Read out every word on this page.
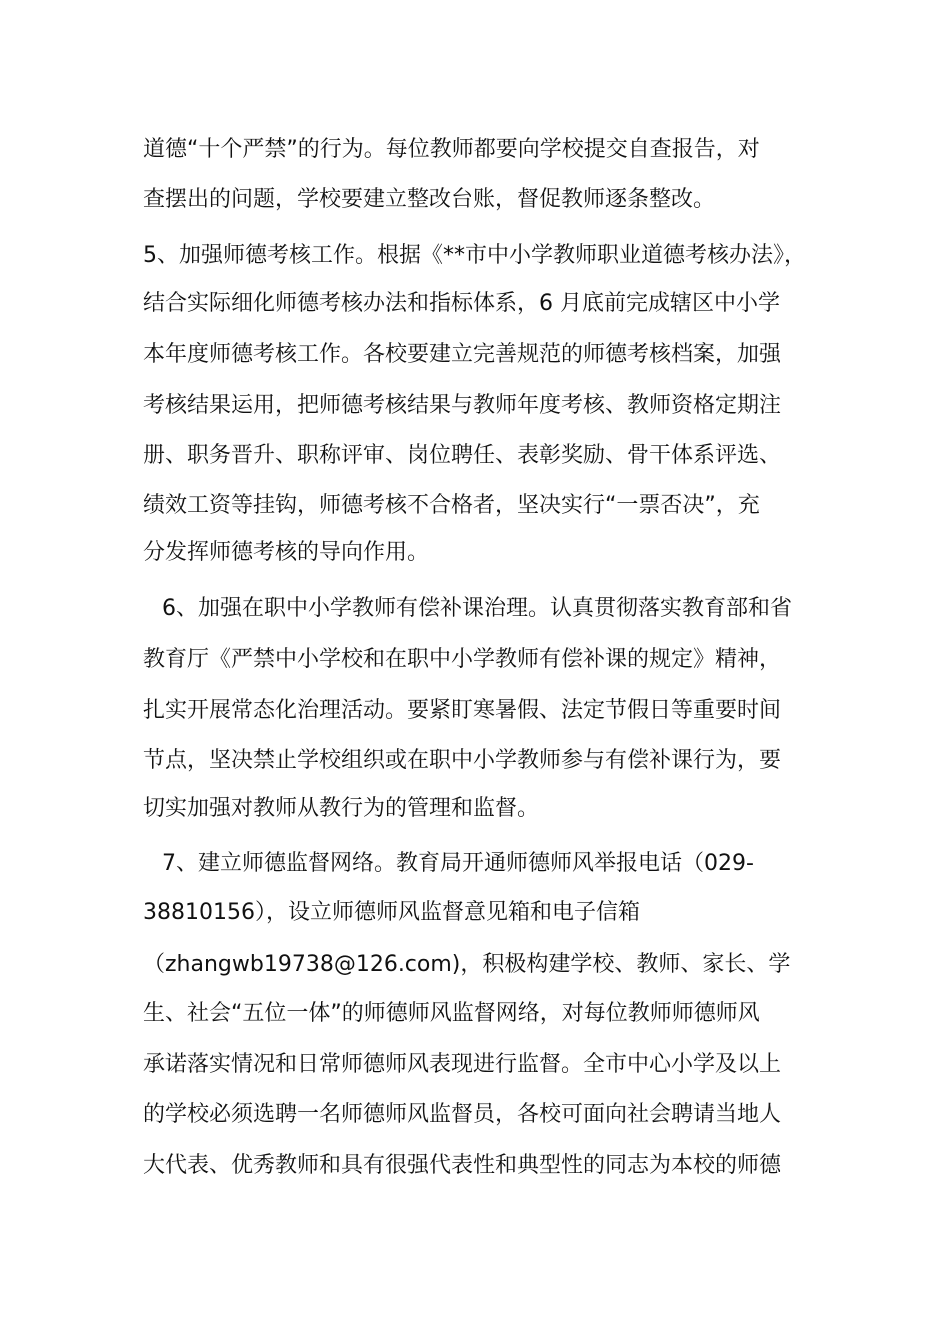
道德“十个严禁”的行为。每位教师都要向学校提交自查报告，对
查摆出的问题，学校要建立整改台账，督促教师逐条整改。
5、加强师德考核工作。根据《**市中小学教师职业道德考核办法》，
结合实际细化师德考核办法和指标体系，6 月底前完成辖区中小学
本年度师德考核工作。各校要建立完善规范的师德考核档案，加强
考核结果运用，把师德考核结果与教师年度考核、教师资格定期注
册、职务晋升、职称评审、岗位聘任、表彰奖励、骨干体系评选、
绩效工资等挂钩，师德考核不合格者，坚决实行“一票否决”，充
分发挥师德考核的导向作用。
6、加强在职中小学教师有偿补课治理。认真贯彻落实教育部和省
教育厅《严禁中小学校和在职中小学教师有偿补课的规定》精神，
扎实开展常态化治理活动。要紧盯寒暑假、法定节假日等重要时间
节点，坚决禁止学校组织或在职中小学教师参与有偿补课行为，要
切实加强对教师从教行为的管理和监督。
7、建立师德监督网络。教育局开通师德师风举报电话（029-
38810156），设立师德师风监督意见箱和电子信箱
（zhangwb19738@126.com)，积极构建学校、教师、家长、学
生、社会“五位一体”的师德师风监督网络，对每位教师师德师风
承诺落实情况和日常师德师风表现进行监督。全市中心小学及以上
的学校必须选聘一名师德师风监督员，各校可面向社会聘请当地人
大代表、优秀教师和具有很强代表性和典型性的同志为本校的师德
